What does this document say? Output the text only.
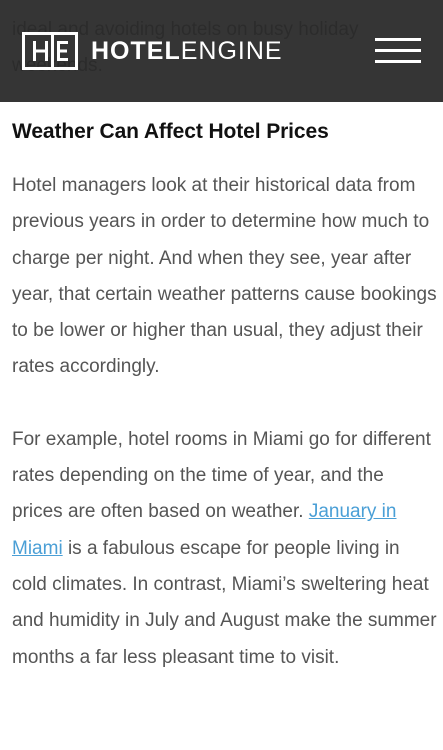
HOTELENGINE
Weather Can Affect Hotel Prices

Hotel managers look at their historical data from previous years in order to determine how much to charge per night. And when they see, year after year, that certain weather patterns cause bookings to be lower or higher than usual, they adjust their rates accordingly.

For example, hotel rooms in Miami go for different rates depending on the time of year, and the prices are often based on weather. January in Miami is a fabulous escape for people living in cold climates. In contrast, Miami’s sweltering heat and humidity in July and August make the summer months a far less pleasant time to visit.
